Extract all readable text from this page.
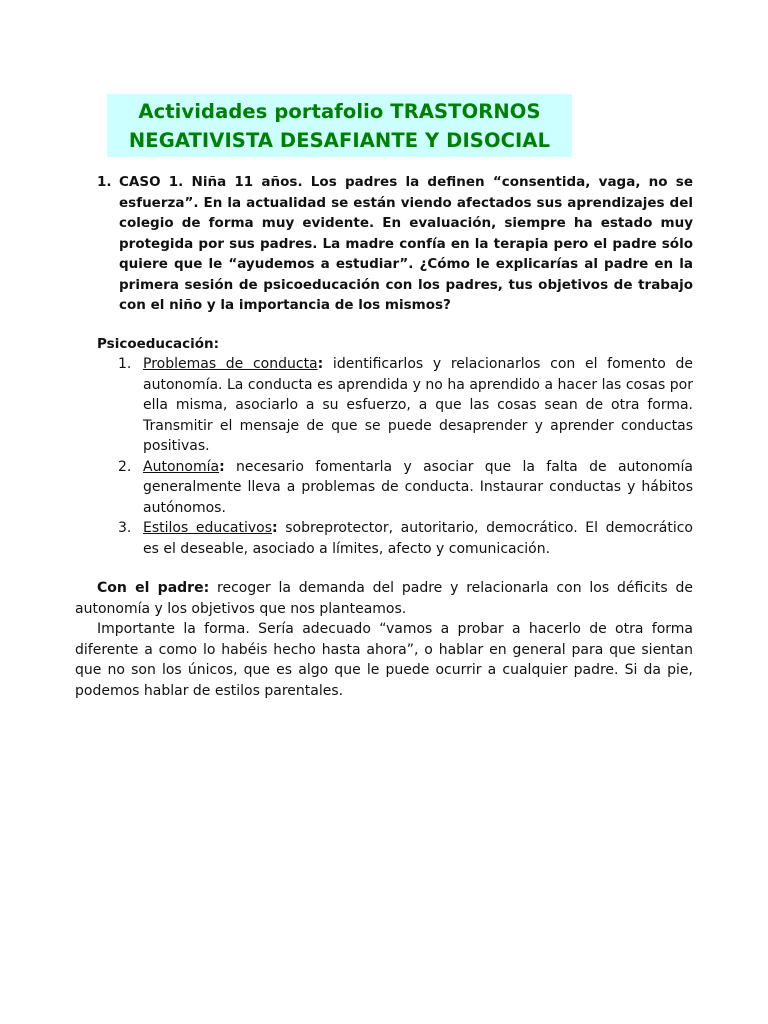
Actividades portafolio TRASTORNOS
NEGATIVISTA DESAFIANTE Y DISOCIAL
1. CASO 1. Niña 11 años. Los padres la definen “consentida, vaga, no se esfuerza”. En la actualidad se están viendo afectados sus aprendizajes del colegio de forma muy evidente. En evaluación, siempre ha estado muy protegida por sus padres. La madre confía en la terapia pero el padre sólo quiere que le “ayudemos a estudiar”. ¿Cómo le explicarías al padre en la primera sesión de psicoeducación con los padres, tus objetivos de trabajo con el niño y la importancia de los mismos?
Psicoeducación:
1. Problemas de conducta: identificarlos y relacionarlos con el fomento de autonomía. La conducta es aprendida y no ha aprendido a hacer las cosas por ella misma, asociarlo a su esfuerzo, a que las cosas sean de otra forma. Transmitir el mensaje de que se puede desaprender y aprender conductas positivas.
2. Autonomía: necesario fomentarla y asociar que la falta de autonomía generalmente lleva a problemas de conducta. Instaurar conductas y hábitos autónomos.
3. Estilos educativos: sobreprotector, autoritario, democrático. El democrático es el deseable, asociado a límites, afecto y comunicación.

Con el padre: recoger la demanda del padre y relacionarla con los déficits de autonomía y los objetivos que nos planteamos.

Importante la forma. Sería adecuado “vamos a probar a hacerlo de otra forma diferente a como lo habéis hecho hasta ahora”, o hablar en general para que sientan que no son los únicos, que es algo que le puede ocurrir a cualquier padre. Si da pie, podemos hablar de estilos parentales.
